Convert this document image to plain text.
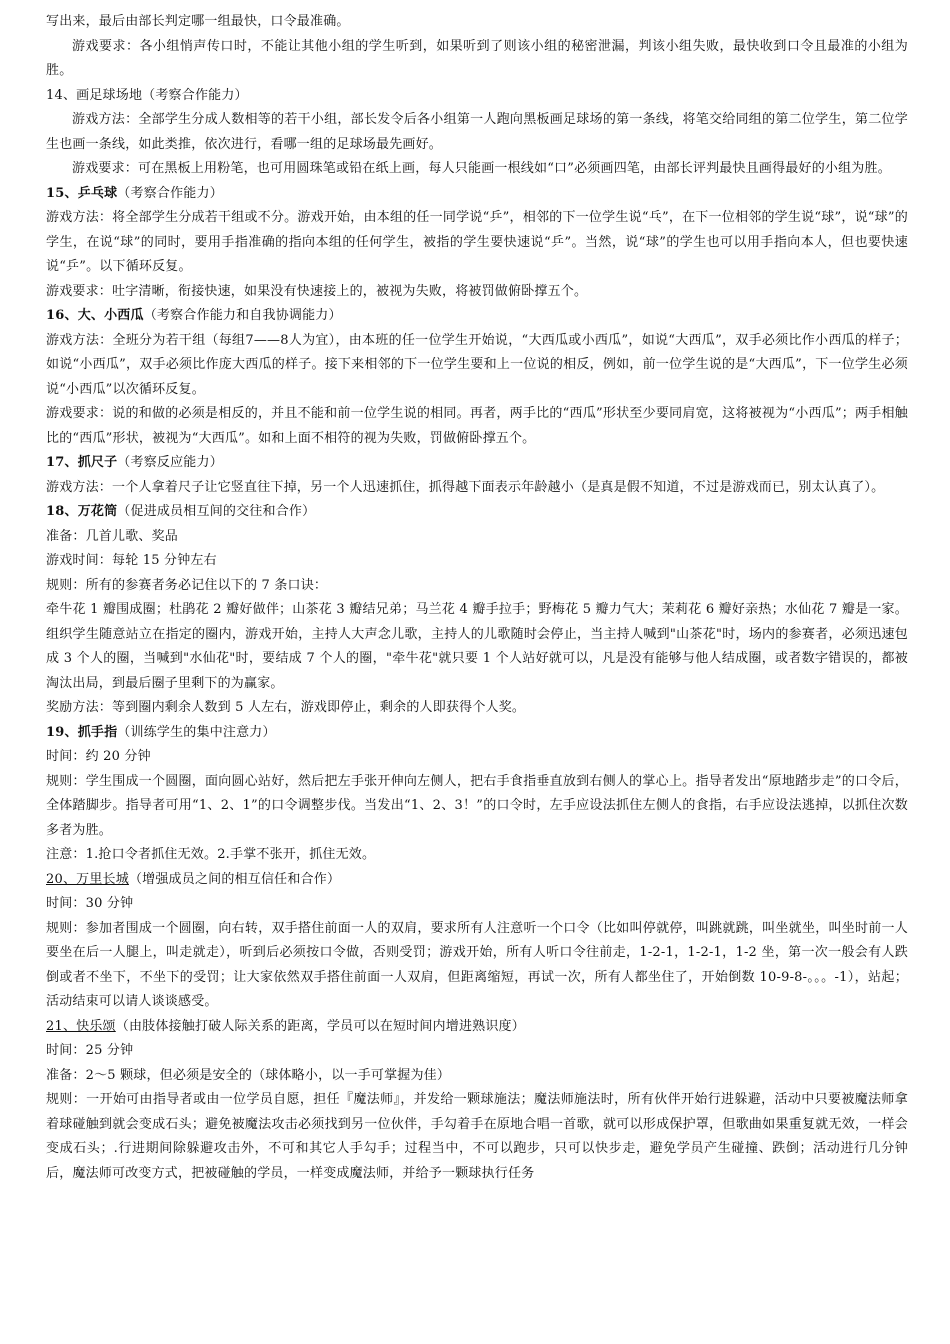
写出来，最后由部长判定哪一组最快，口令最准确。

游戏要求：各小组悄声传口时，不能让其他小组的学生听到，如果听到了则该小组的秘密泄漏，判该小组失败，最快收到口令且最准的小组为胜。

14、画足球场地（考察合作能力）

游戏方法：全部学生分成人数相等的若干小组，部长发令后各小组第一人跑向黑板画足球场的第一条线，将笔交给同组的第二位学生，第二位学生也画一条线，如此类推，依次进行，看哪一组的足球场最先画好。

游戏要求：可在黑板上用粉笔，也可用圆珠笔或铅在纸上画，每人只能画一根线如“口”必须画四笔，由部长评判最快且画得最好的小组为胜。

15、乒乓球（考察合作能力）

游戏方法：将全部学生分成若干组或不分。游戏开始，由本组的任一同学说“乒”，相邻的下一位学生说“乓”，在下一位相邻的学生说“球”，说“球”的学生，在说“球”的同时，要用手指准确的指向本组的任何学生，被指的学生要快速说“乒”。当然，说“球”的学生也可以用手指向本人，但也要快速说“乒”。以下循环反复。

游戏要求：吐字清晰，衔接快速，如果没有快速接上的，被视为失败，将被罚做俯卧撑五个。

16、大、小西瓜（考察合作能力和自我协调能力）

游戏方法：全班分为若干组（每组7——8人为宜），由本班的任一位学生开始说，“大西瓜或小西瓜”，如说“大西瓜”，双手必须比作小西瓜的样子；如说“小西瓜”，双手必须比作庞大西瓜的样子。接下来相邻的下一位学生要和上一位说的相反，例如，前一位学生说的是“大西瓜”，下一位学生必须说“小西瓜”以次循环反复。

游戏要求：说的和做的必须是相反的，并且不能和前一位学生说的相同。再者，两手比的“西瓜”形状至少要同肩宽，这将被视为“小西瓜”；两手相触比的“西瓜”形状，被视为“大西瓜”。如和上面不相符的视为失败，罚做俯卧撑五个。

17、抓尺子（考察反应能力）

游戏方法：一个人拿着尺子让它竖直往下掉，另一个人迅速抓住，抓得越下面表示年龄越小（是真是假不知道，不过是游戏而已，别太认真了）。

18、万花筒（促进成员相互间的交往和合作）

准备：几首儿歌、奖品

游戏时间：每轮 15 分钟左右

规则：所有的参赛者务必记住以下的 7 条口诀：

牵牛花 1 瓣围成圈；杜鹃花 2 瓣好做伴；山茶花 3 瓣结兄弟；马兰花 4 瓣手拉手；野梅花 5 瓣力气大；茉莉花 6 瓣好亲热；水仙花 7 瓣是一家。组织学生随意站立在指定的圈内，游戏开始，主持人大声念儿歌，主持人的儿歌随时会停止，当主持人喊到"山茶花"时，场内的参赛者，必须迅速包成 3 个人的圈，当喊到"水仙花"时，要结成 7 个人的圈，"牵牛花"就只要 1 个人站好就可以，凡是没有能够与他人结成圈，或者数字错误的，都被淘汰出局，到最后圈子里剩下的为赢家。

奖励方法：等到圈内剩余人数到 5 人左右，游戏即停止，剩余的人即获得个人奖。

19、抓手指（训练学生的集中注意力）

时间：约 20 分钟

规则：学生围成一个圆圈，面向圆心站好，然后把左手张开伸向左侧人，把右手食指垂直放到右侧人的掌心上。指导者发出“原地踏步走”的口令后，全体踏脚步。指导者可用“1、2、1”的口令调整步伐。当发出“1、2、3！”的口令时，左手应设法抓住左侧人的食指，右手应设法逃掉，以抓住次数多者为胜。

注意：1.抢口令者抓住无效。2.手掌不张开，抓住无效。

20、万里长城（增强成员之间的相互信任和合作）

时间：30 分钟

规则：参加者围成一个圆圈，向右转，双手搭住前面一人的双肩，要求所有人注意听一个口令（比如叫停就停，叫跳就跳，叫坐就坐，叫坐时前一人要坐在后一人腿上，叫走就走），听到后必须按口令做，否则受罚；游戏开始，所有人听口令往前走，1-2-1，1-2-1，1-2 坐，第一次一般会有人跌倒或者不坐下，不坐下的受罚；让大家依然双手搭住前面一人双肩，但距离缩短，再试一次，所有人都坐住了，开始倒数 10-9-8-。。。-1），站起；活动结束可以请人谈谈感受。

21、快乐颂（由肢体接触打破人际关系的距离，学员可以在短时间内增进熟识度）

时间：25 分钟

准备：2～5 颗球，但必须是安全的（球体略小，以一手可掌握为佳）

规则：一开始可由指导者或由一位学员自愿，担任『魔法师』，并发给一颗球施法；魔法师施法时，所有伙伴开始行进躲避，活动中只要被魔法师拿着球碰触到就会变成石头；避免被魔法攻击必须找到另一位伙伴，手勾着手在原地合唱一首歌，就可以形成保护罩，但歌曲如果重复就无效，一样会变成石头；.行进期间除躲避攻击外，不可和其它人手勾手；过程当中，不可以跑步，只可以快步走，避免学员产生碰撞、跌倒；活动进行几分钟后，魔法师可改变方式，把被碰触的学员，一样变成魔法师，并给予一颗球执行任务
